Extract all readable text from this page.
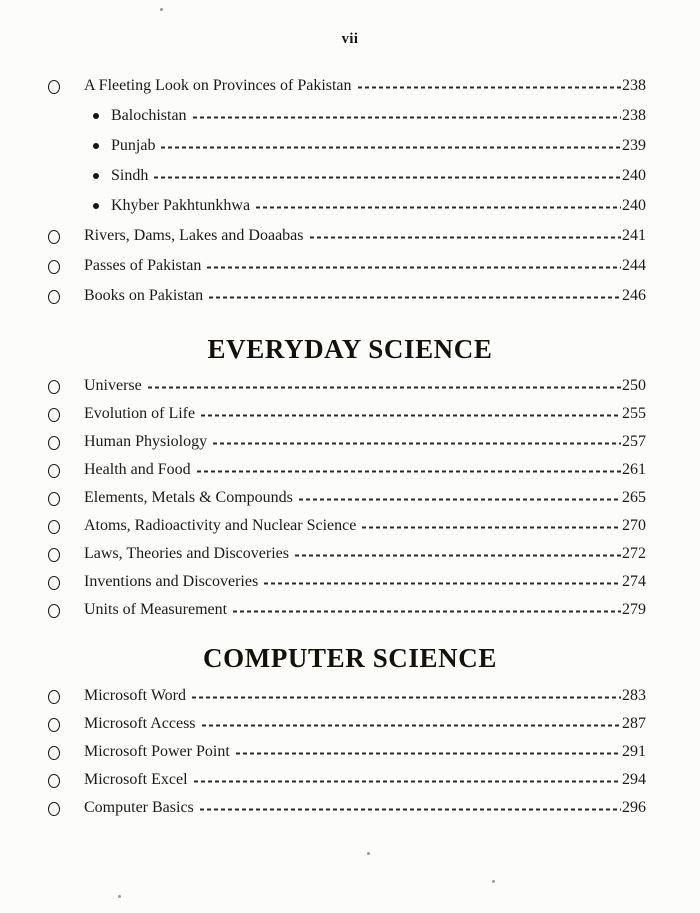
vii
A Fleeting Look on Provinces of Pakistan	238
Balochistan	238
Punjab	239
Sindh	240
Khyber Pakhtunkhwa	240
Rivers, Dams, Lakes and Doaabas	241
Passes of Pakistan	244
Books on Pakistan	246
EVERYDAY SCIENCE
Universe	250
Evolution of Life	255
Human Physiology	257
Health and Food	261
Elements, Metals & Compounds	265
Atoms, Radioactivity and Nuclear Science	270
Laws, Theories and Discoveries	272
Inventions and Discoveries	274
Units of Measurement	279
COMPUTER SCIENCE
Microsoft Word	283
Microsoft Access	287
Microsoft Power Point	291
Microsoft Excel	294
Computer Basics	296
